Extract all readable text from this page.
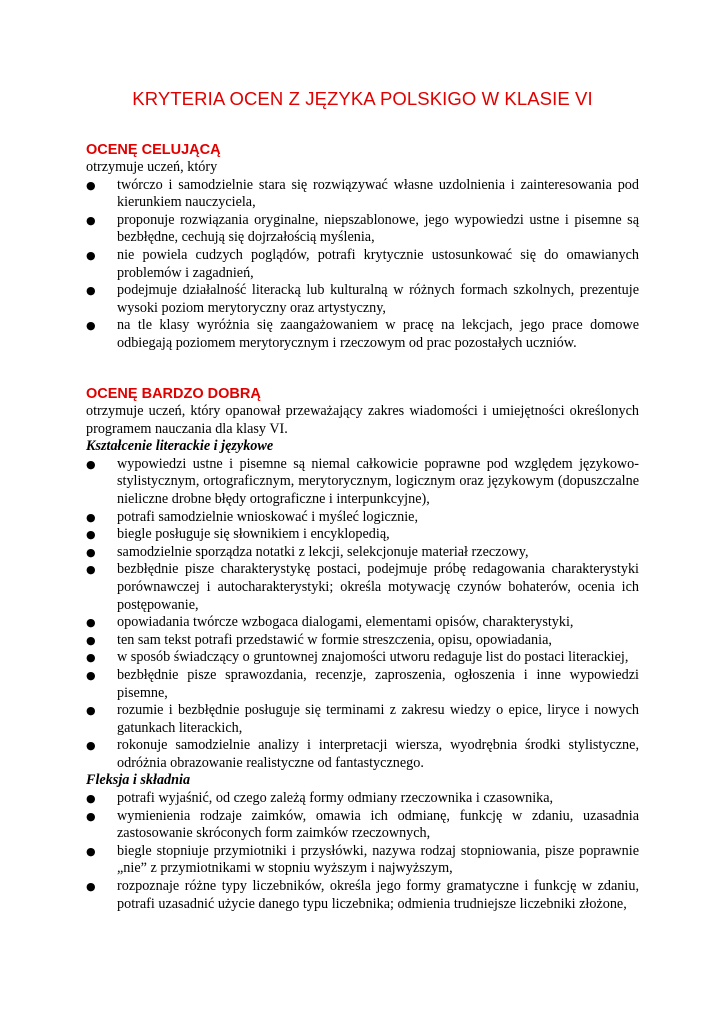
KRYTERIA OCEN Z JĘZYKA POLSKIGO W KLASIE VI
OCENĘ CELUJĄCĄ
otrzymuje uczeń, który
● twórczo i samodzielnie stara się rozwiązywać własne uzdolnienia i zainteresowania pod kierunkiem nauczyciela,
● proponuje rozwiązania oryginalne, niepszablonowe, jego wypowiedzi ustne i pisemne są bezbłędne, cechują się dojrzałością myślenia,
● nie powiela cudzych poglądów, potrafi krytycznie ustosunkować się do omawianych problemów i zagadnień,
● podejmuje działalność literacką lub kulturalną w różnych formach szkolnych, prezentuje wysoki poziom merytoryczny oraz artystyczny,
● na tle klasy wyróżnia się zaangażowaniem w pracę na lekcjach, jego prace domowe odbiegają poziomem merytorycznym i rzeczowym od prac pozostałych uczniów.
OCENĘ BARDZO DOBRĄ
otrzymuje uczeń, który opanował przeważający zakres wiadomości i umiejętności określonych programem nauczania dla klasy VI.
Kształcenie literackie i językowe
● wypowiedzi ustne i pisemne są niemal całkowicie poprawne pod względem językowo-stylistycznym, ortograficznym, merytorycznym, logicznym oraz językowym (dopuszczalne nieliczne drobne błędy ortograficzne i interpunkcyjne),
● potrafi samodzielnie wnioskować i myśleć logicznie,
● biegle posługuje się słownikiem i encyklopedią,
● samodzielnie sporządza notatki z lekcji, selekcjonuje materiał rzeczowy,
● bezbłędnie pisze charakterystykę postaci, podejmuje próbę redagowania charakterystyki porównawczej i autocharakterystyki; określa motywację czynów bohaterów, ocenia ich postępowanie,
● opowiadania twórcze wzbogaca dialogami, elementami opisów, charakterystyki,
● ten sam tekst potrafi przedstawić w formie streszczenia, opisu, opowiadania,
● w sposób świadczący o gruntownej znajomości utworu redaguje list do postaci literackiej,
● bezbłędnie pisze sprawozdania, recenzje, zaproszenia, ogłoszenia i inne wypowiedzi pisemne,
● rozumie i bezbłędnie posługuje się terminami z zakresu wiedzy o epice, liryce i nowych gatunkach literackich,
● rokonuje samodzielnie analizy i interpretacji wiersza, wyodrębnia środki stylistyczne, odróżnia obrazowanie realistyczne od fantastycznego.
Fleksja i składnia
● potrafi wyjaśnić, od czego zależą formy odmiany rzeczownika i czasownika,
● wymienienia rodzaje zaimków, omawia ich odmianę, funkcję w zdaniu, uzasadnia zastosowanie skróconych form zaimków rzeczownych,
● biegle stopniuje przymiotniki i przysłówki, nazywa rodzaj stopniowania, pisze poprawnie „nie” z przymiotnikami w stopniu wyższym i najwyższym,
● rozpoznaje różne typy liczebników, określa jego formy gramatyczne i funkcję w zdaniu, potrafi uzasadnić użycie danego typu liczebnika; odmienia trudniejsze liczebniki złożone,
